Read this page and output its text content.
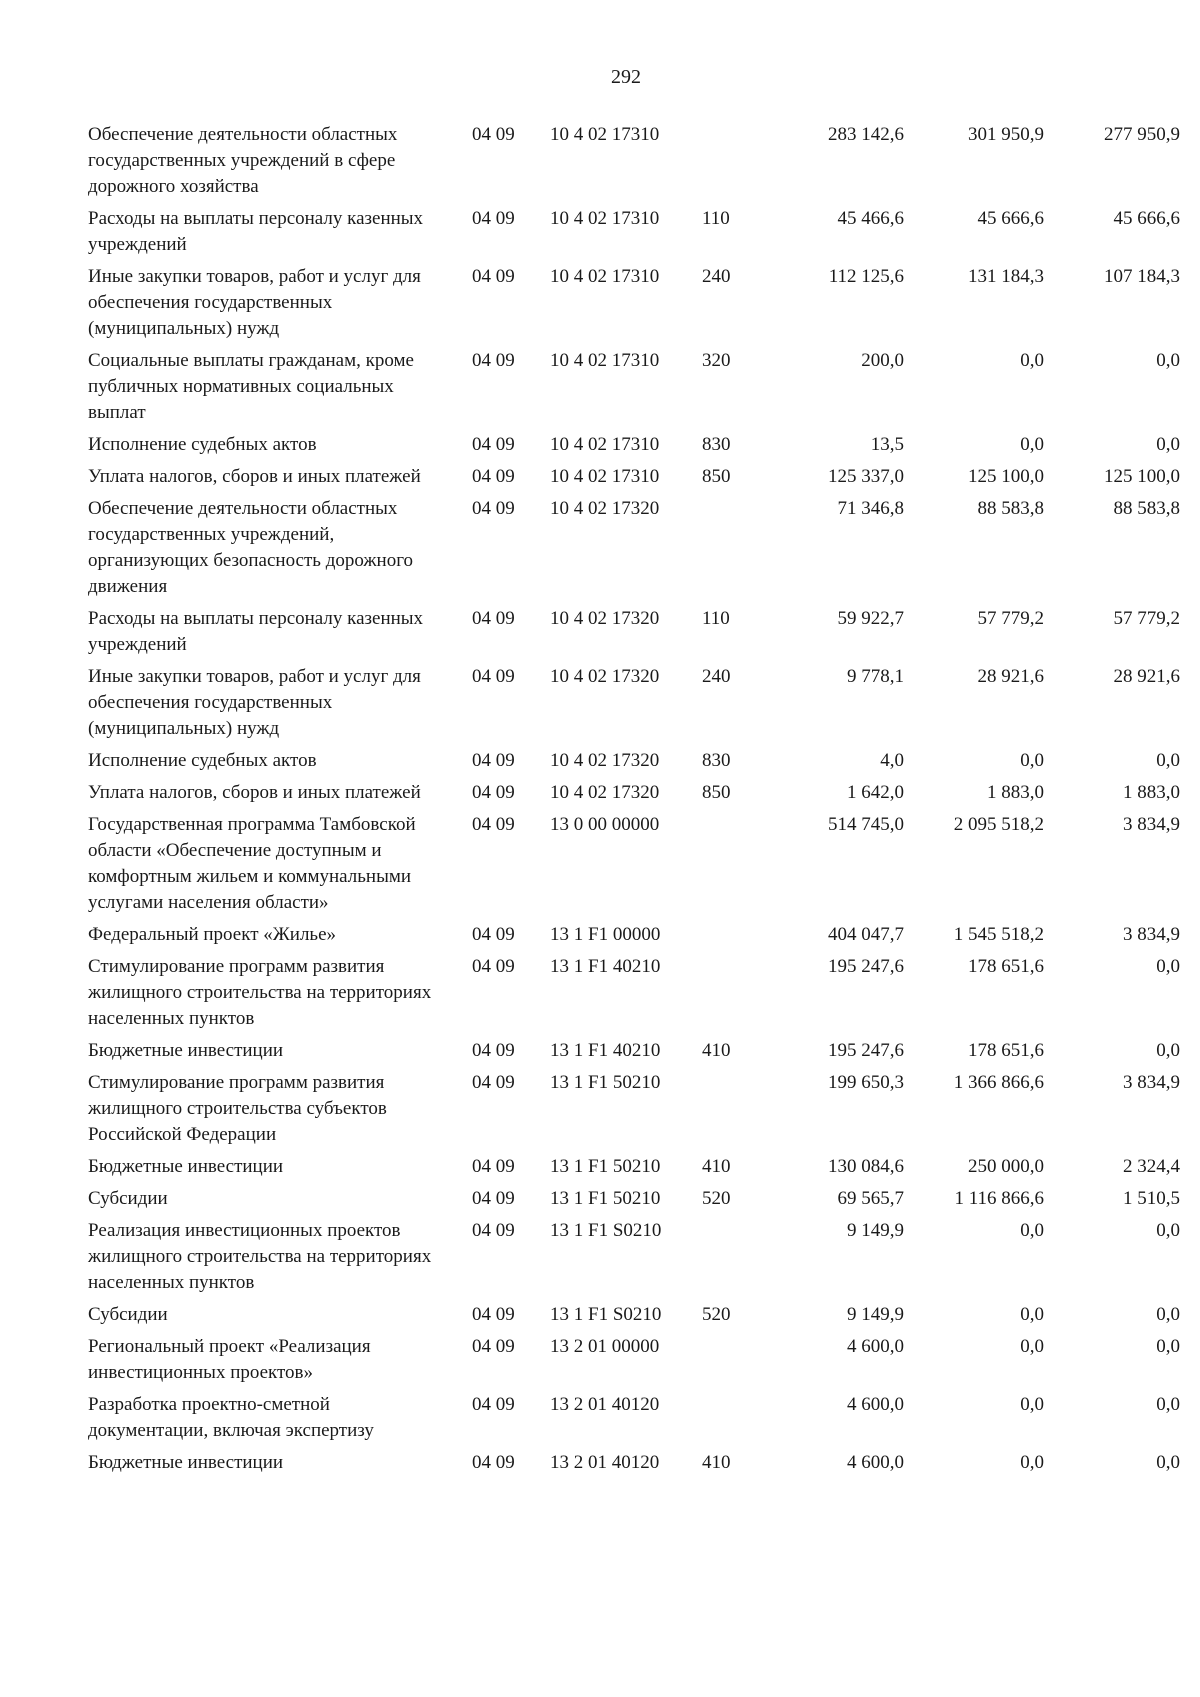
292
Обеспечение деятельности областных государственных учреждений в сфере дорожного хозяйства	04 09	10 4 02 17310		283 142,6	301 950,9	277 950,9
Расходы на выплаты персоналу казенных учреждений	04 09	10 4 02 17310	110	45 466,6	45 666,6	45 666,6
Иные закупки товаров, работ и услуг для обеспечения государственных (муниципальных) нужд	04 09	10 4 02 17310	240	112 125,6	131 184,3	107 184,3
Социальные выплаты гражданам, кроме публичных нормативных социальных выплат	04 09	10 4 02 17310	320	200,0	0,0	0,0
Исполнение судебных актов	04 09	10 4 02 17310	830	13,5	0,0	0,0
Уплата налогов, сборов и иных платежей	04 09	10 4 02 17310	850	125 337,0	125 100,0	125 100,0
Обеспечение деятельности областных государственных учреждений, организующих безопасность дорожного движения	04 09	10 4 02 17320		71 346,8	88 583,8	88 583,8
Расходы на выплаты персоналу казенных учреждений	04 09	10 4 02 17320	110	59 922,7	57 779,2	57 779,2
Иные закупки товаров, работ и услуг для обеспечения государственных (муниципальных) нужд	04 09	10 4 02 17320	240	9 778,1	28 921,6	28 921,6
Исполнение судебных актов	04 09	10 4 02 17320	830	4,0	0,0	0,0
Уплата налогов, сборов и иных платежей	04 09	10 4 02 17320	850	1 642,0	1 883,0	1 883,0
Государственная программа Тамбовской области «Обеспечение доступным и комфортным жильем и коммунальными услугами населения области»	04 09	13 0 00 00000		514 745,0	2 095 518,2	3 834,9
Федеральный проект «Жилье»	04 09	13 1 F1 00000		404 047,7	1 545 518,2	3 834,9
Стимулирование программ развития жилищного строительства на территориях населенных пунктов	04 09	13 1 F1 40210		195 247,6	178 651,6	0,0
Бюджетные инвестиции	04 09	13 1 F1 40210	410	195 247,6	178 651,6	0,0
Стимулирование программ развития жилищного строительства субъектов Российской Федерации	04 09	13 1 F1 50210		199 650,3	1 366 866,6	3 834,9
Бюджетные инвестиции	04 09	13 1 F1 50210	410	130 084,6	250 000,0	2 324,4
Субсидии	04 09	13 1 F1 50210	520	69 565,7	1 116 866,6	1 510,5
Реализация инвестиционных проектов жилищного строительства на территориях населенных пунктов	04 09	13 1 F1 S0210		9 149,9	0,0	0,0
Субсидии	04 09	13 1 F1 S0210	520	9 149,9	0,0	0,0
Региональный проект «Реализация инвестиционных проектов»	04 09	13 2 01 00000		4 600,0	0,0	0,0
Разработка проектно-сметной документации, включая экспертизу	04 09	13 2 01 40120		4 600,0	0,0	0,0
Бюджетные инвестиции	04 09	13 2 01 40120	410	4 600,0	0,0	0,0
